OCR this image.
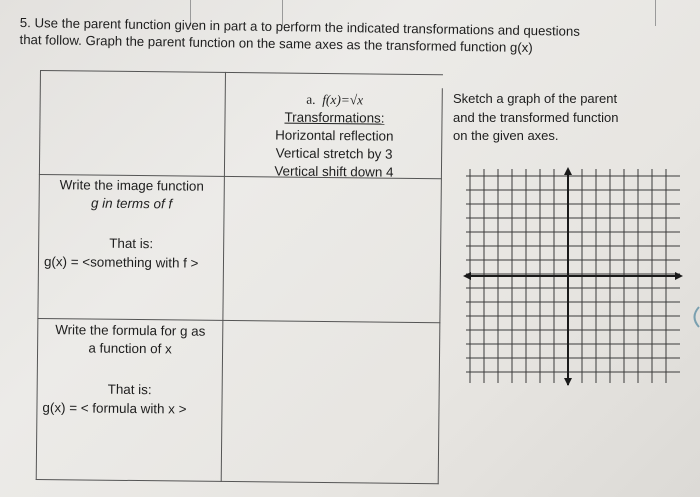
5. Use the parent function given in part a to perform the indicated transformations and questions
that follow. Graph the parent function on the same axes as the transformed function g(x)
a. f(x)=√x
Transformations:
Horizontal reflection
Vertical stretch by 3
Vertical shift down 4
Write the image function
g in terms of f
That is:
g(x) = <something with f >
Write the formula for g as
a function of x
That is:
g(x) = < formula with x >
Sketch a graph of the parent
and the transformed function
on the given axes.
